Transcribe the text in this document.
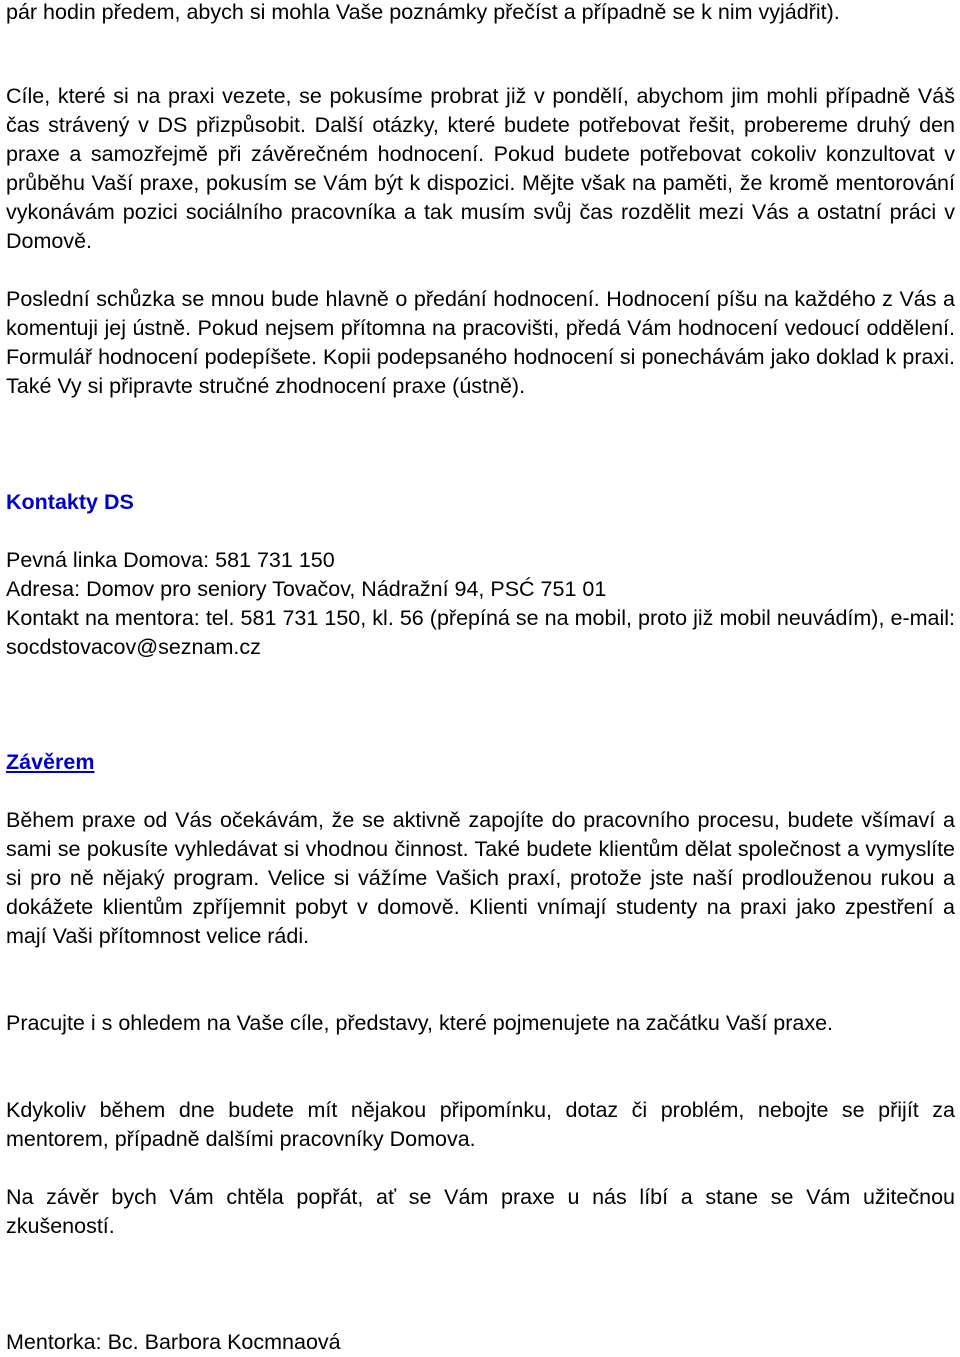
pár hodin předem, abych si mohla Vaše poznámky přečíst a případně se k nim vyjádřit).

Cíle, které si na praxi vezete, se pokusíme probrat již v pondělí, abychom jim mohli případně Váš čas strávený v DS přizpůsobit. Další otázky, které budete potřebovat řešit, probereme druhý den praxe a samozřejmě při závěrečném hodnocení. Pokud budete potřebovat cokoliv konzultovat v průběhu Vaší praxe, pokusím se Vám být k dispozici. Mějte však na paměti, že kromě mentorování vykonávám pozici sociálního pracovníka a tak musím svůj čas rozdělit mezi Vás a ostatní práci v Domově.

Poslední schůzka se mnou bude hlavně o předání hodnocení. Hodnocení píšu na každého z Vás a komentuji jej ústně. Pokud nejsem přítomna na pracovišti, předá Vám hodnocení vedoucí oddělení. Formulář hodnocení podepíšete. Kopii podepsaného hodnocení si ponechávám jako doklad k praxi. Také Vy si připravte stručné zhodnocení praxe (ústně).

Kontakty DS

Pevná linka Domova: 581 731 150

Adresa: Domov pro seniory Tovačov, Nádražní 94, PSĆ 751 01

Kontakt na mentora: tel. 581 731 150, kl. 56 (přepíná se na mobil, proto již mobil neuvádím), e-mail: socdstovacov@seznam.cz

Závěrem

Během praxe od Vás očekávám, že se aktivně zapojíte do pracovního procesu, budete všímaví a sami se pokusíte vyhledávat si vhodnou činnost. Také budete klientům dělat společnost a vymyslíte si pro ně nějaký program. Velice si vážíme Vašich praxí, protože jste naší prodlouženou rukou a dokážete klientům zpříjemnit pobyt v domově. Klienti vnímají studenty na praxi jako zpestření a mají Vaši přítomnost velice rádi.

Pracujte i s ohledem na Vaše cíle, představy, které pojmenujete na začátku Vaší praxe.

Kdykoliv během dne budete mít nějakou připomínku, dotaz či problém, nebojte se přijít za mentorem, případně dalšími pracovníky Domova.

Na závěr bych Vám chtěla popřát, ať se Vám praxe u nás líbí a stane se Vám užitečnou zkušeností.

Mentorka: Bc. Barbora Kocmnaová
